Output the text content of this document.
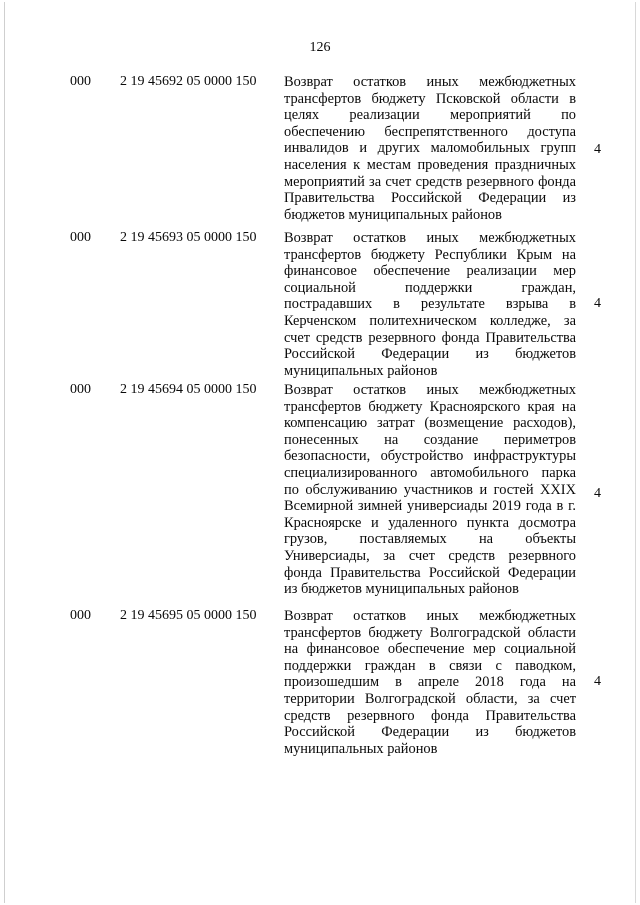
126
000 2 19 45692 05 0000 150 Возврат остатков иных межбюджетных трансфертов бюджету Псковской области в целях реализации мероприятий по обеспечению беспрепятственного доступа инвалидов и других маломобильных групп населения к местам проведения праздничных мероприятий за счет средств резервного фонда Правительства Российской Федерации из бюджетов муниципальных районов
4
000 2 19 45693 05 0000 150 Возврат остатков иных межбюджетных трансфертов бюджету Республики Крым на финансовое обеспечение реализации мер социальной поддержки граждан, пострадавших в результате взрыва в Керченском политехническом колледже, за счет средств резервного фонда Правительства Российской Федерации из бюджетов муниципальных районов
4
000 2 19 45694 05 0000 150 Возврат остатков иных межбюджетных трансфертов бюджету Красноярского края на компенсацию затрат (возмещение расходов), понесенных на создание периметров безопасности, обустройство инфраструктуры специализированного автомобильного парка по обслуживанию участников и гостей XXIX Всемирной зимней универсиады 2019 года в г. Красноярске и удаленного пункта досмотра грузов, поставляемых на объекты Универсиады, за счет средств резервного фонда Правительства Российской Федерации из бюджетов муниципальных районов
4
000 2 19 45695 05 0000 150 Возврат остатков иных межбюджетных трансфертов бюджету Волгоградской области на финансовое обеспечение мер социальной поддержки граждан в связи с паводком, произошедшим в апреле 2018 года на территории Волгоградской области, за счет средств резервного фонда Правительства Российской Федерации из бюджетов муниципальных районов
4
